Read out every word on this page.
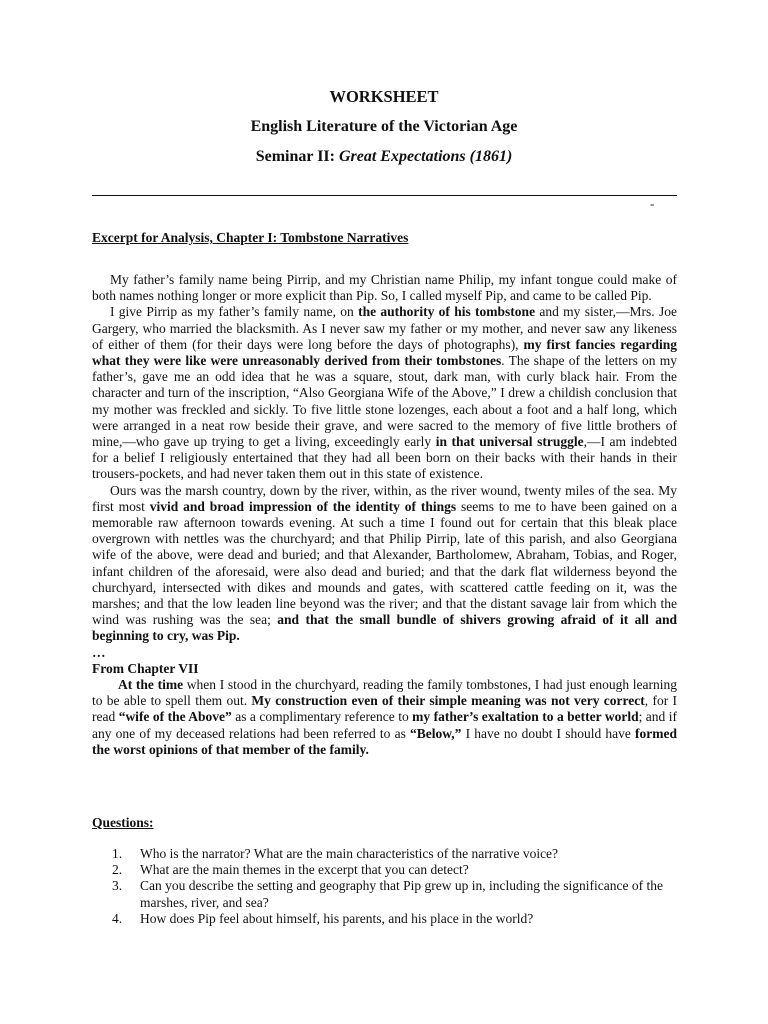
WORKSHEET
English Literature of the Victorian Age
Seminar II: Great Expectations (1861)
-
Excerpt for Analysis, Chapter I: Tombstone Narratives

My father’s family name being Pirrip, and my Christian name Philip, my infant tongue could make of both names nothing longer or more explicit than Pip. So, I called myself Pip, and came to be called Pip.

I give Pirrip as my father’s family name, on the authority of his tombstone and my sister,—Mrs. Joe Gargery, who married the blacksmith. As I never saw my father or my mother, and never saw any likeness of either of them (for their days were long before the days of photographs), my first fancies regarding what they were like were unreasonably derived from their tombstones. The shape of the letters on my father’s, gave me an odd idea that he was a square, stout, dark man, with curly black hair. From the character and turn of the inscription, “Also Georgiana Wife of the Above,” I drew a childish conclusion that my mother was freckled and sickly. To five little stone lozenges, each about a foot and a half long, which were arranged in a neat row beside their grave, and were sacred to the memory of five little brothers of mine,—who gave up trying to get a living, exceedingly early in that universal struggle,—I am indebted for a belief I religiously entertained that they had all been born on their backs with their hands in their trousers-pockets, and had never taken them out in this state of existence.

Ours was the marsh country, down by the river, within, as the river wound, twenty miles of the sea. My first most vivid and broad impression of the identity of things seems to me to have been gained on a memorable raw afternoon towards evening. At such a time I found out for certain that this bleak place overgrown with nettles was the churchyard; and that Philip Pirrip, late of this parish, and also Georgiana wife of the above, were dead and buried; and that Alexander, Bartholomew, Abraham, Tobias, and Roger, infant children of the aforesaid, were also dead and buried; and that the dark flat wilderness beyond the churchyard, intersected with dikes and mounds and gates, with scattered cattle feeding on it, was the marshes; and that the low leaden line beyond was the river; and that the distant savage lair from which the wind was rushing was the sea; and that the small bundle of shivers growing afraid of it all and beginning to cry, was Pip.

…

From Chapter VII

At the time when I stood in the churchyard, reading the family tombstones, I had just enough learning to be able to spell them out. My construction even of their simple meaning was not very correct, for I read “wife of the Above” as a complimentary reference to my father’s exaltation to a better world; and if any one of my deceased relations had been referred to as “Below,” I have no doubt I should have formed the worst opinions of that member of the family.

Questions:
1. Who is the narrator? What are the main characteristics of the narrative voice?
2. What are the main themes in the excerpt that you can detect?
3. Can you describe the setting and geography that Pip grew up in, including the significance of the marshes, river, and sea?
4. How does Pip feel about himself, his parents, and his place in the world?
